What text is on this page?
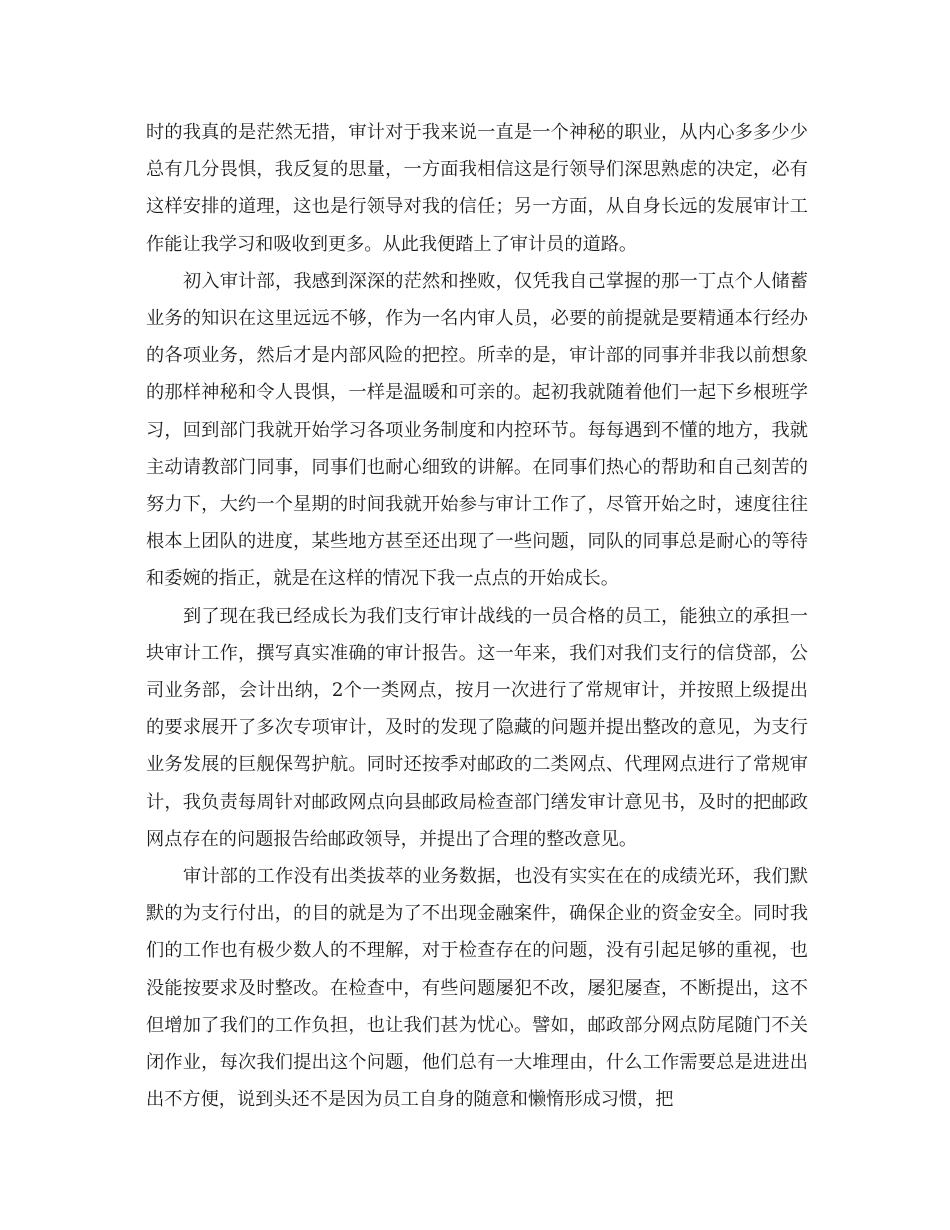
时的我真的是茫然无措，审计对于我来说一直是一个神秘的职业，从内心多多少少总有几分畏惧，我反复的思量，一方面我相信这是行领导们深思熟虑的决定，必有这样安排的道理，这也是行领导对我的信任；另一方面，从自身长远的发展审计工作能让我学习和吸收到更多。从此我便踏上了审计员的道路。

初入审计部，我感到深深的茫然和挫败，仅凭我自己掌握的那一丁点个人储蓄业务的知识在这里远远不够，作为一名内审人员，必要的前提就是要精通本行经办的各项业务，然后才是内部风险的把控。所幸的是，审计部的同事并非我以前想象的那样神秘和令人畏惧，一样是温暖和可亲的。起初我就随着他们一起下乡根班学习，回到部门我就开始学习各项业务制度和内控环节。每每遇到不懂的地方，我就主动请教部门同事，同事们也耐心细致的讲解。在同事们热心的帮助和自己刻苦的努力下，大约一个星期的时间我就开始参与审计工作了，尽管开始之时，速度往往根本上团队的进度，某些地方甚至还出现了一些问题，同队的同事总是耐心的等待和委婉的指正，就是在这样的情况下我一点点的开始成长。

到了现在我已经成长为我们支行审计战线的一员合格的员工，能独立的承担一块审计工作，撰写真实准确的审计报告。这一年来，我们对我们支行的信贷部，公司业务部，会计出纳，2个一类网点，按月一次进行了常规审计，并按照上级提出的要求展开了多次专项审计，及时的发现了隐藏的问题并提出整改的意见，为支行业务发展的巨舰保驾护航。同时还按季对邮政的二类网点、代理网点进行了常规审计，我负责每周针对邮政网点向县邮政局检查部门缮发审计意见书，及时的把邮政网点存在的问题报告给邮政领导，并提出了合理的整改意见。

审计部的工作没有出类拔萃的业务数据，也没有实实在在的成绩光环，我们默默的为支行付出，的目的就是为了不出现金融案件，确保企业的资金安全。同时我们的工作也有极少数人的不理解，对于检查存在的问题，没有引起足够的重视，也没能按要求及时整改。在检查中，有些问题屡犯不改，屡犯屡查，不断提出，这不但增加了我们的工作负担，也让我们甚为忧心。譬如，邮政部分网点防尾随门不关闭作业，每次我们提出这个问题，他们总有一大堆理由，什么工作需要总是进进出出不方便，说到头还不是因为员工自身的随意和懒惰形成习惯，把
